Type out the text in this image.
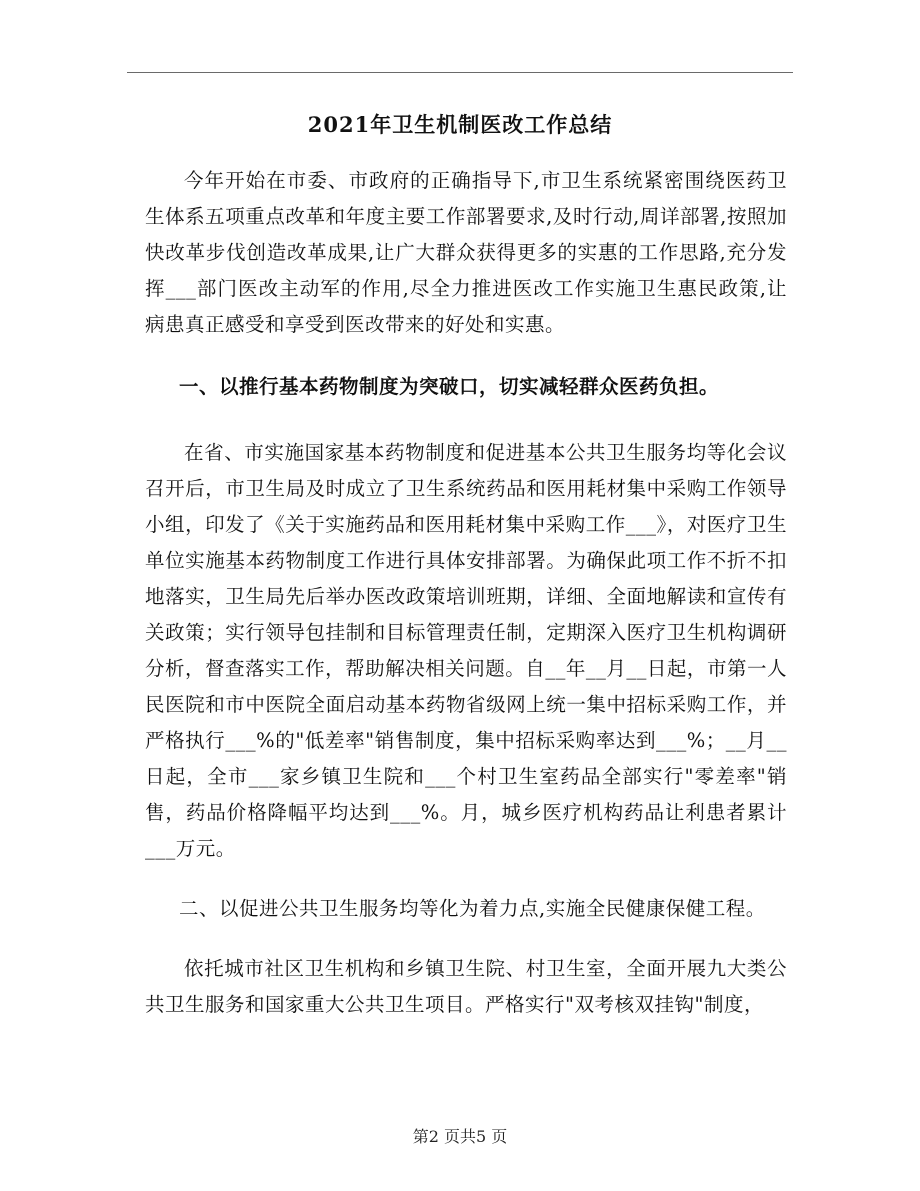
2021年卫生机制医改工作总结

今年开始在市委、市政府的正确指导下,市卫生系统紧密围绕医药卫生体系五项重点改革和年度主要工作部署要求,及时行动,周详部署,按照加快改革步伐创造改革成果,让广大群众获得更多的实惠的工作思路,充分发挥___部门医改主动军的作用,尽全力推进医改工作实施卫生惠民政策,让病患真正感受和享受到医改带来的好处和实惠。

一、以推行基本药物制度为突破口，切实减轻群众医药负担。

在省、市实施国家基本药物制度和促进基本公共卫生服务均等化会议召开后，市卫生局及时成立了卫生系统药品和医用耗材集中采购工作领导小组，印发了《关于实施药品和医用耗材集中采购工作___》，对医疗卫生单位实施基本药物制度工作进行具体安排部署。为确保此项工作不折不扣地落实，卫生局先后举办医改政策培训班期，详细、全面地解读和宣传有关政策；实行领导包挂制和目标管理责任制，定期深入医疗卫生机构调研分析，督查落实工作，帮助解决相关问题。自__年__月__日起，市第一人民医院和市中医院全面启动基本药物省级网上统一集中招标采购工作，并严格执行___%的"低差率"销售制度，集中招标采购率达到___%；__月__日起，全市___家乡镇卫生院和___个村卫生室药品全部实行"零差率"销售，药品价格降幅平均达到___%。月，城乡医疗机构药品让利患者累计___万元。

二、以促进公共卫生服务均等化为着力点,实施全民健康保健工程。

依托城市社区卫生机构和乡镇卫生院、村卫生室，全面开展九大类公共卫生服务和国家重大公共卫生项目。严格实行"双考核双挂钩"制度，

第2 页共5 页
